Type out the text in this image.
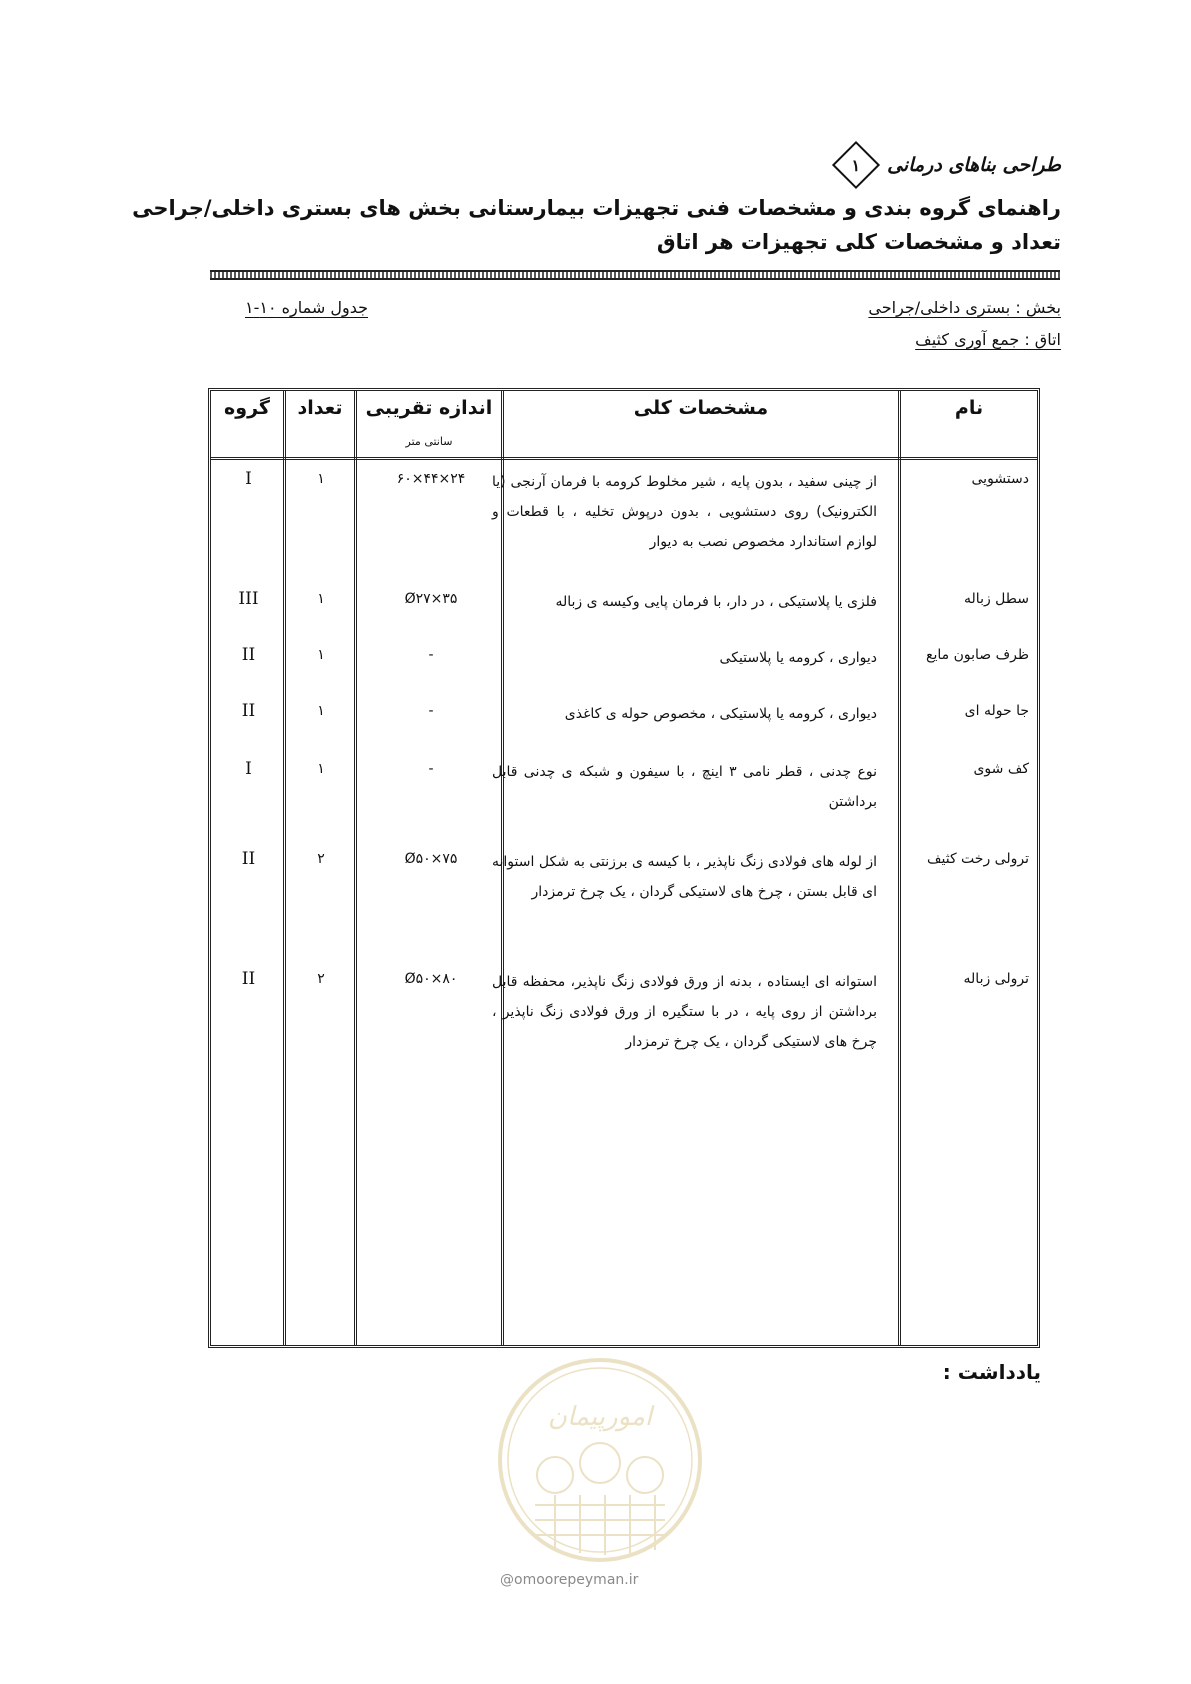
طراحی بناهای درمانی
۱
راهنمای گروه بندی و مشخصات فنی تجهیزات بیمارستانی بخش های بستری داخلی/جراحی
تعداد و مشخصات کلی تجهیزات هر اتاق
بخش : بستری داخلی/جراحی
اتاق : جمع آوری کثیف
جدول شماره ۱۰-۱
نام
مشخصات کلی
اندازه تقریبی
سانتی متر
تعداد
گروه
دستشویی
از چینی سفید ، بدون پایه ، شیر مخلوط کرومه با فرمان آرنجی (یا الکترونیک) روی دستشویی ، بدون درپوش تخلیه ، با قطعات و لوازم استاندارد مخصوص نصب به دیوار
۶۰×۴۴×۲۴
۱
I
سطل زباله
فلزی یا پلاستیکی ، در دار، با فرمان پایی وکیسه ی زباله
Ø۲۷×۳۵
۱
III
ظرف صابون مایع
دیواری ، کرومه یا پلاستیکی
-
۱
II
جا حوله ای
دیواری ، کرومه یا پلاستیکی ، مخصوص حوله ی کاغذی
-
۱
II
کف شوی
نوع چدنی ، قطر نامی ۳ اینچ ، با سیفون و شبکه ی چدنی قابل برداشتن
-
۱
I
ترولی رخت کثیف
از لوله های فولادی زنگ ناپذیر ، با کیسه ی برزنتی به شکل استوانه ای قابل بستن ، چرخ های لاستیکی گردان ، یک چرخ ترمزدار
Ø۵۰×۷۵
۲
II
ترولی زباله
استوانه ای ایستاده ، بدنه از ورق فولادی زنگ ناپذیر، محفظه قابل برداشتن از روی پایه ، در با ستگیره از ورق فولادی زنگ ناپذیر ، چرخ های لاستیکی گردان ، یک چرخ ترمزدار
Ø۵۰×۸۰
۲
II
یادداشت :
امورپیمان
@omoorepeyman.ir
